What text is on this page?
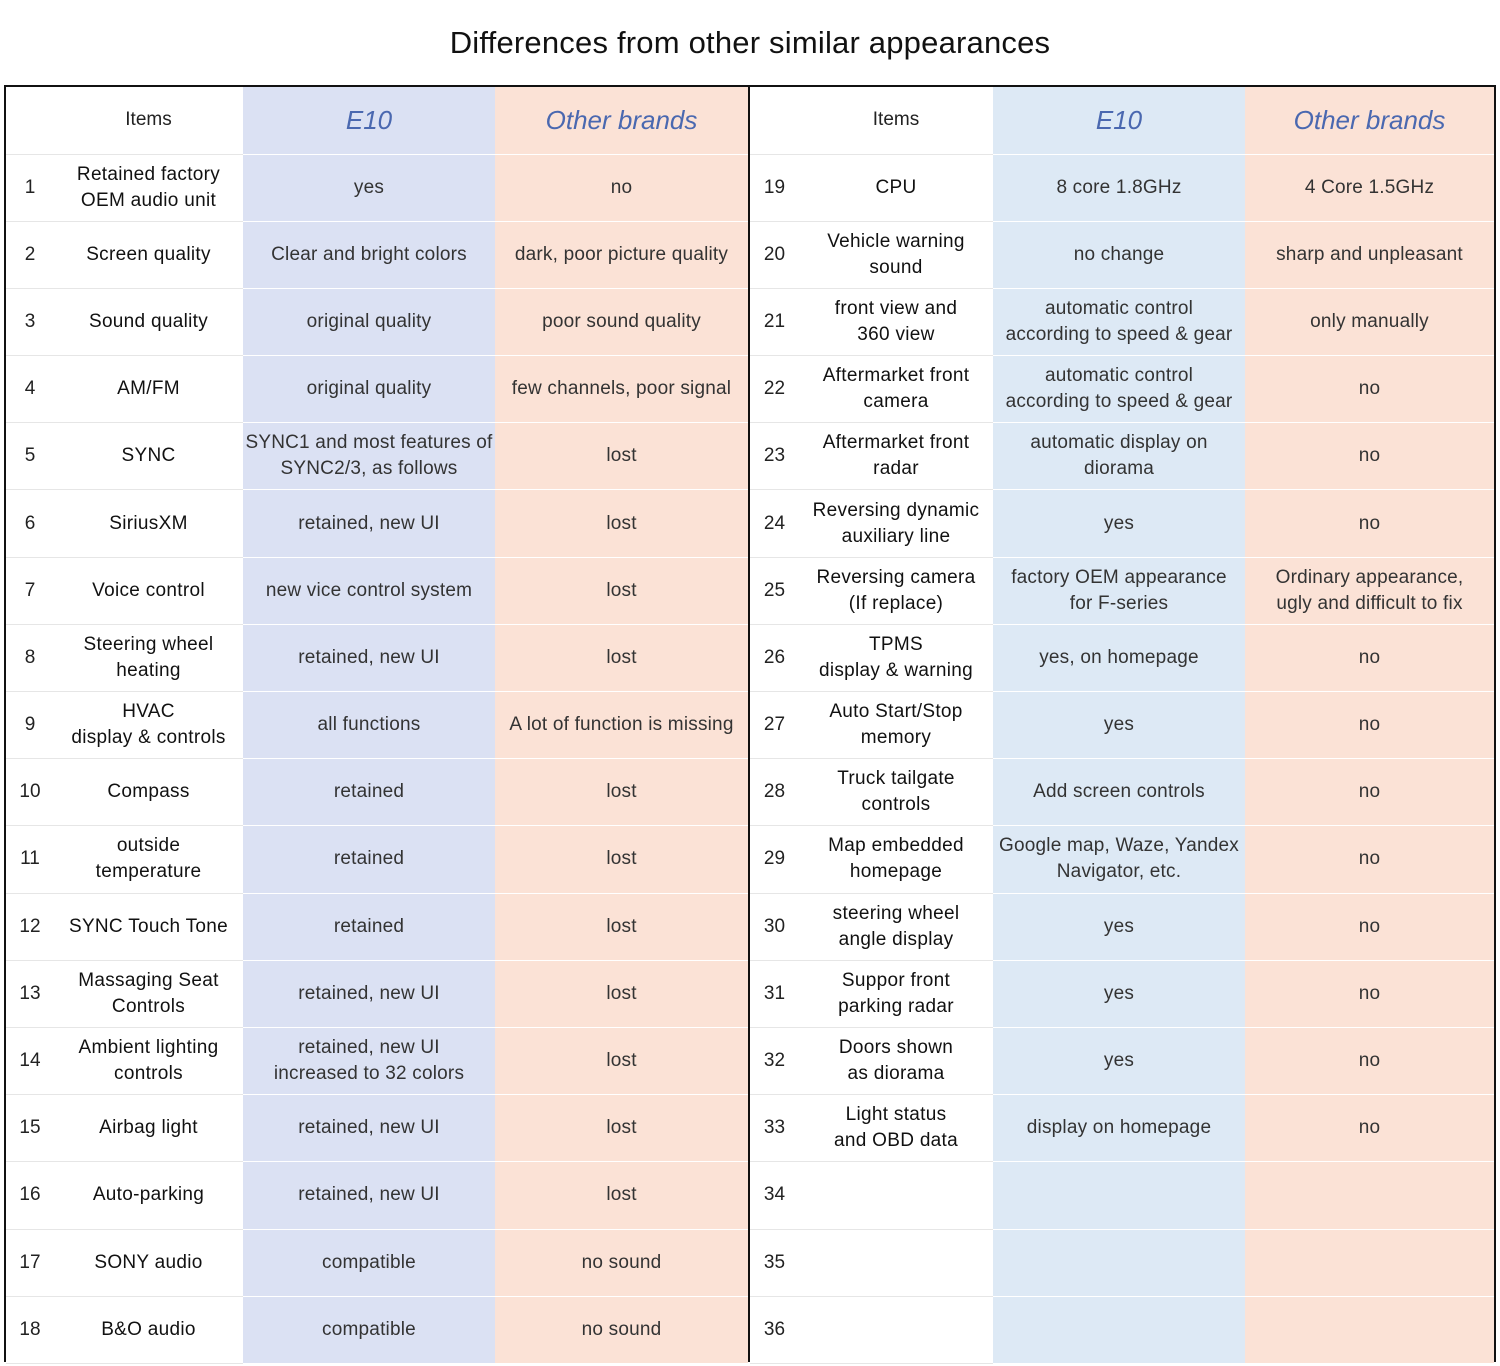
Differences from other similar appearances
	Items	E10	Other brands
1	Retained factory
OEM audio unit	yes	no
2	Screen quality	Clear and bright colors	dark, poor picture quality
3	Sound quality	original quality	poor sound quality
4	AM/FM	original quality	few channels, poor signal
5	SYNC	SYNC1 and most features of
SYNC2/3, as follows	lost
6	SiriusXM	retained, new UI	lost
7	Voice control	new vice control system	lost
8	Steering wheel
heating	retained, new UI	lost
9	HVAC
display & controls	all functions	A lot of function is missing
10	Compass	retained	lost
11	outside
temperature	retained	lost
12	SYNC Touch Tone	retained	lost
13	Massaging Seat
Controls	retained, new UI	lost
14	Ambient lighting
controls	retained, new UI
increased to 32 colors	lost
15	Airbag light	retained, new UI	lost
16	Auto-parking	retained, new UI	lost
17	SONY audio	compatible	no sound
18	B&O audio	compatible	no sound
	Items	E10	Other brands
19	CPU	8 core 1.8GHz	4 Core 1.5GHz
20	Vehicle warning
sound	no change	sharp and unpleasant
21	front view and
360 view	automatic control
according to speed & gear	only manually
22	Aftermarket front
camera	automatic control
according to speed & gear	no
23	Aftermarket front
radar	automatic display on
diorama	no
24	Reversing dynamic
auxiliary line	yes	no
25	Reversing camera
(If replace)	factory OEM appearance
for F-series	Ordinary appearance,
ugly and difficult to fix
26	TPMS
display & warning	yes, on homepage	no
27	Auto Start/Stop
memory	yes	no
28	Truck tailgate
controls	Add screen controls	no
29	Map embedded
homepage	Google map, Waze, Yandex
Navigator, etc.	no
30	steering wheel
angle display	yes	no
31	Suppor front
parking radar	yes	no
32	Doors shown
as diorama	yes	no
33	Light status
and OBD data	display on homepage	no
34			
35			
36			
